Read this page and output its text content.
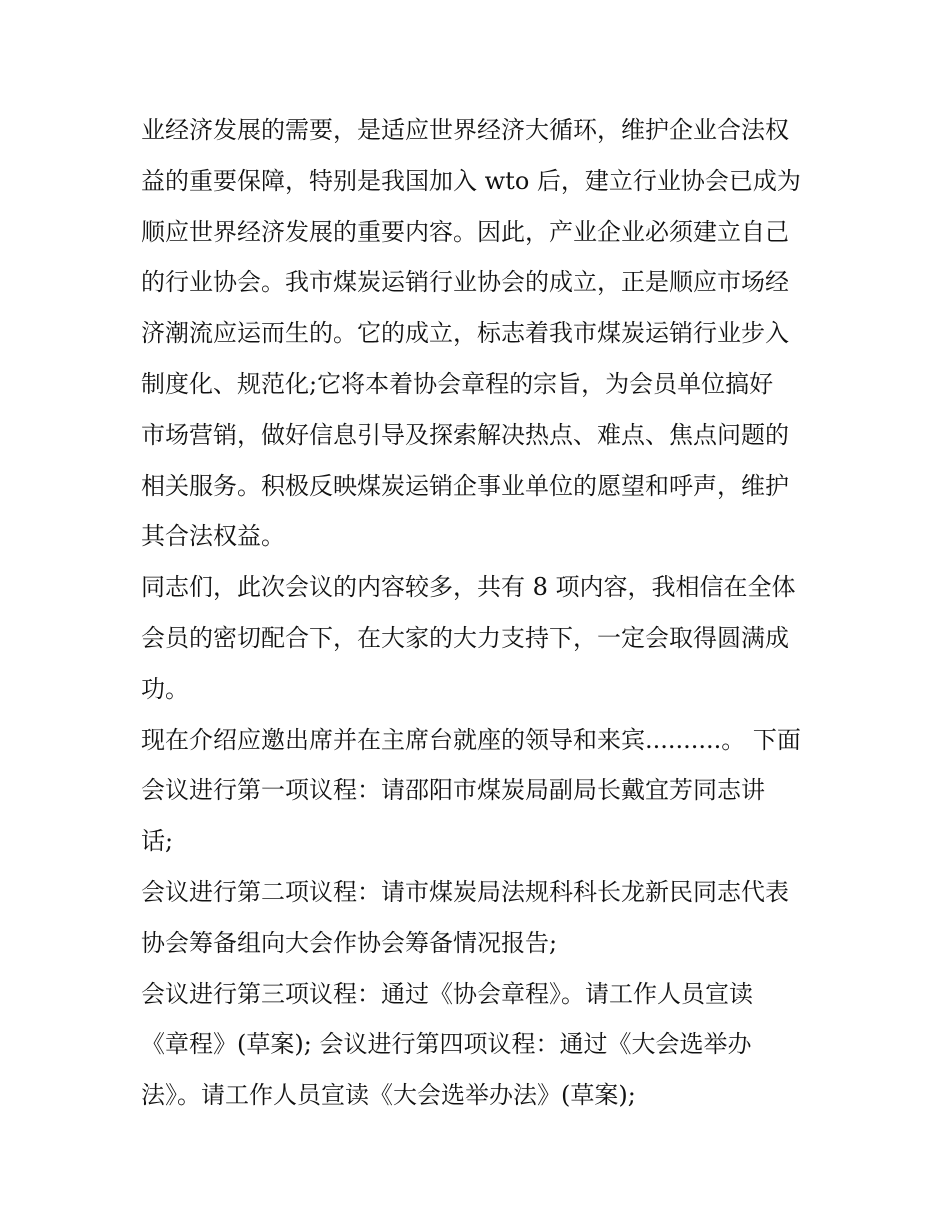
业经济发展的需要，是适应世界经济大循环，维护企业合法权
益的重要保障，特别是我国加入 wto 后，建立行业协会已成为
顺应世界经济发展的重要内容。因此，产业企业必须建立自己
的行业协会。我市煤炭运销行业协会的成立，正是顺应市场经
济潮流应运而生的。它的成立，标志着我市煤炭运销行业步入
制度化、规范化;它将本着协会章程的宗旨，为会员单位搞好
市场营销，做好信息引导及探索解决热点、难点、焦点问题的
相关服务。积极反映煤炭运销企事业单位的愿望和呼声，维护
其合法权益。
同志们，此次会议的内容较多，共有 8 项内容，我相信在全体
会员的密切配合下，在大家的大力支持下，一定会取得圆满成
功。
现在介绍应邀出席并在主席台就座的领导和来宾..........。 下面
会议进行第一项议程：请邵阳市煤炭局副局长戴宜芳同志讲
话;
会议进行第二项议程：请市煤炭局法规科科长龙新民同志代表
协会筹备组向大会作协会筹备情况报告;
会议进行第三项议程：通过《协会章程》。请工作人员宣读
《章程》(草案); 会议进行第四项议程：通过《大会选举办
法》。请工作人员宣读《大会选举办法》(草案);
